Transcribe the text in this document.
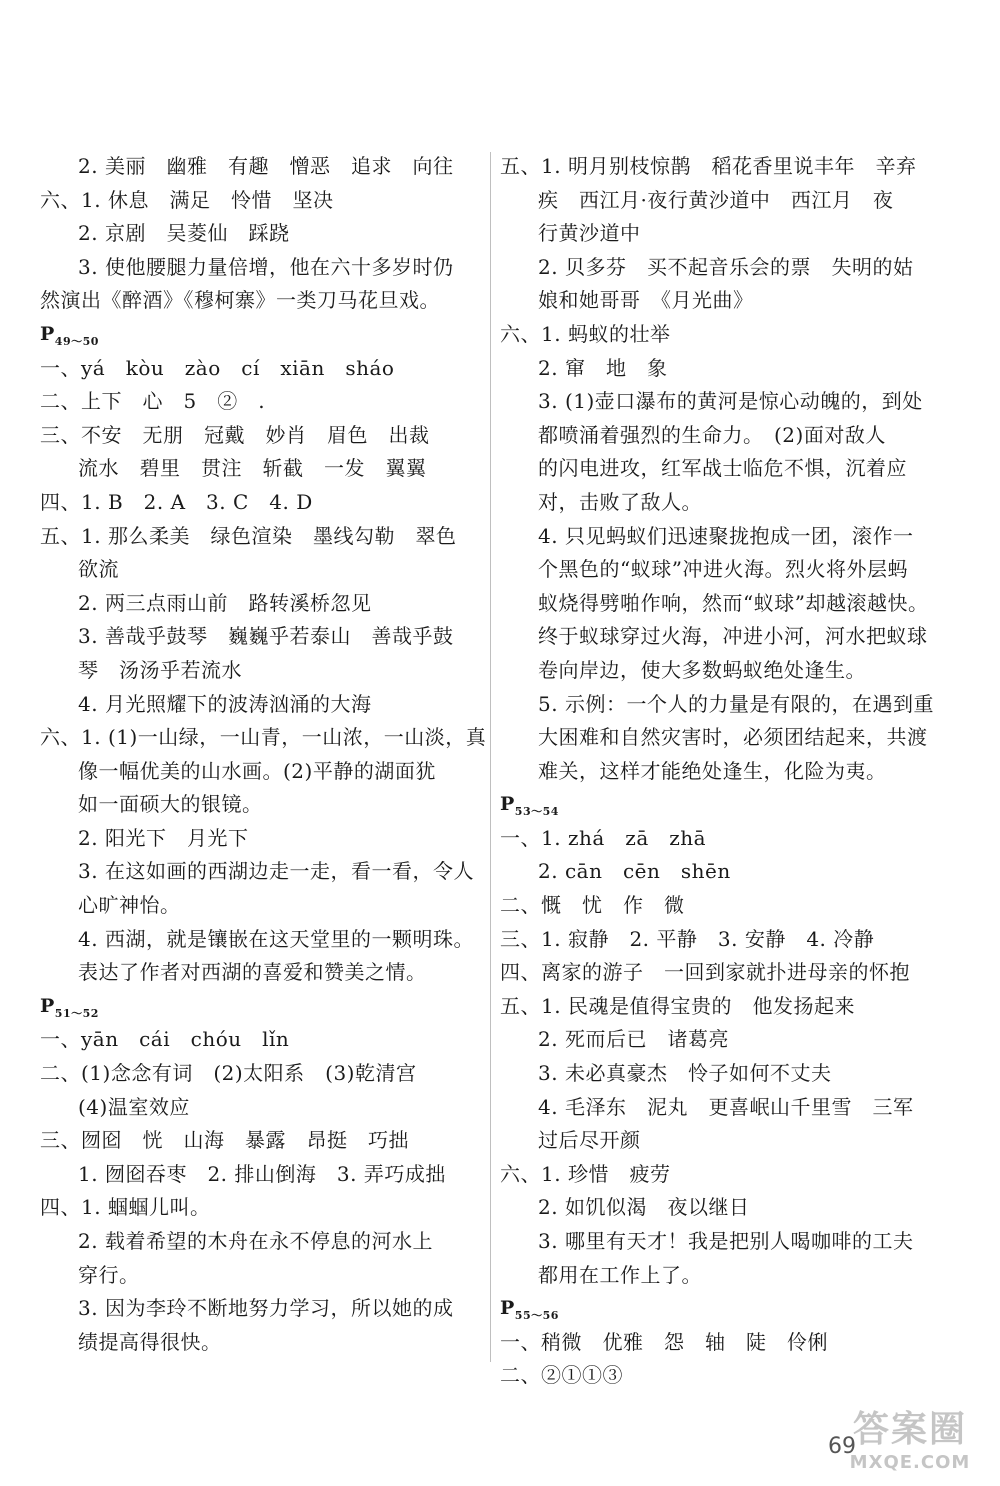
2. 美丽　幽雅　有趣　憎恶　追求　向往
六、1. 休息　满足　怜惜　坚决
2. 京剧　吴菱仙　踩跷
3. 使他腰腿力量倍增，他在六十多岁时仍
然演出《醉酒》《穆柯寨》一类刀马花旦戏。
$P_{49\sim 50}$
一、yá　kòu　zào　cí　xiān　sháo
二、上下　心　5　②　.
三、不安　无朋　冠戴　妙肖　眉色　出裁
流水　碧里　贯注　斩截　一发　翼翼
四、1. B　2. A　3. C　4. D
五、1. 那么柔美　绿色渲染　墨线勾勒　翠色
欲流
2. 两三点雨山前　路转溪桥忽见
3. 善哉乎鼓琴　巍巍乎若泰山　善哉乎鼓
琴　汤汤乎若流水
4. 月光照耀下的波涛汹涌的大海
六、1. (1)一山绿，一山青，一山浓，一山淡，真
像一幅优美的山水画。(2)平静的湖面犹
如一面硕大的银镜。
2. 阳光下　月光下
3. 在这如画的西湖边走一走，看一看，令人
心旷神怡。
4. 西湖，就是镶嵌在这天堂里的一颗明珠。
表达了作者对西湖的喜爱和赞美之情。
$P_{51\sim 52}$
一、yān　cái　chóu　lǐn
二、(1)念念有词　(2)太阳系　(3)乾清宫
(4)温室效应
三、囫囵　恍　山海　暴露　昂挺　巧拙
1. 囫囵吞枣　2. 排山倒海　3. 弄巧成拙
四、1. 蝈蝈儿叫。
2. 载着希望的木舟在永不停息的河水上
穿行。
3. 因为李玲不断地努力学习，所以她的成
绩提高得很快。
五、1. 明月别枝惊鹊　稻花香里说丰年　辛弃
疾　西江月·夜行黄沙道中　西江月　夜
行黄沙道中
2. 贝多芬　买不起音乐会的票　失明的姑
娘和她哥哥　《月光曲》
六、1. 蚂蚁的壮举
2. 窜　地　象
3. (1)壶口瀑布的黄河是惊心动魄的，到处
都喷涌着强烈的生命力。　(2)面对敌人
的闪电进攻，红军战士临危不惧，沉着应
对，击败了敌人。
4. 只见蚂蚁们迅速聚拢抱成一团，滚作一
个黑色的“蚁球”冲进火海。烈火将外层蚂
蚁烧得劈啪作响，然而“蚁球”却越滚越快。
终于蚁球穿过火海，冲进小河，河水把蚁球
卷向岸边，使大多数蚂蚁绝处逢生。
5. 示例：一个人的力量是有限的，在遇到重
大困难和自然灾害时，必须团结起来，共渡
难关，这样才能绝处逢生，化险为夷。
$P_{53\sim 54}$
一、1. zhá　zā　zhā
2. cān　cēn　shēn
二、慨　忧　作　微
三、1. 寂静　2. 平静　3. 安静　4. 冷静
四、离家的游子　一回到家就扑进母亲的怀抱
五、1. 民魂是值得宝贵的　他发扬起来
2. 死而后已　诸葛亮
3. 未必真豪杰　怜子如何不丈夫
4. 毛泽东　泥丸　更喜岷山千里雪　三军
过后尽开颜
六、1. 珍惜　疲劳
2. 如饥似渴　夜以继日
3. 哪里有天才！我是把别人喝咖啡的工夫
都用在工作上了。
$P_{55\sim 56}$
一、稍微　优雅　怨　轴　陡　伶俐
二、②①①③
69
答案圈
MXQE.COM
